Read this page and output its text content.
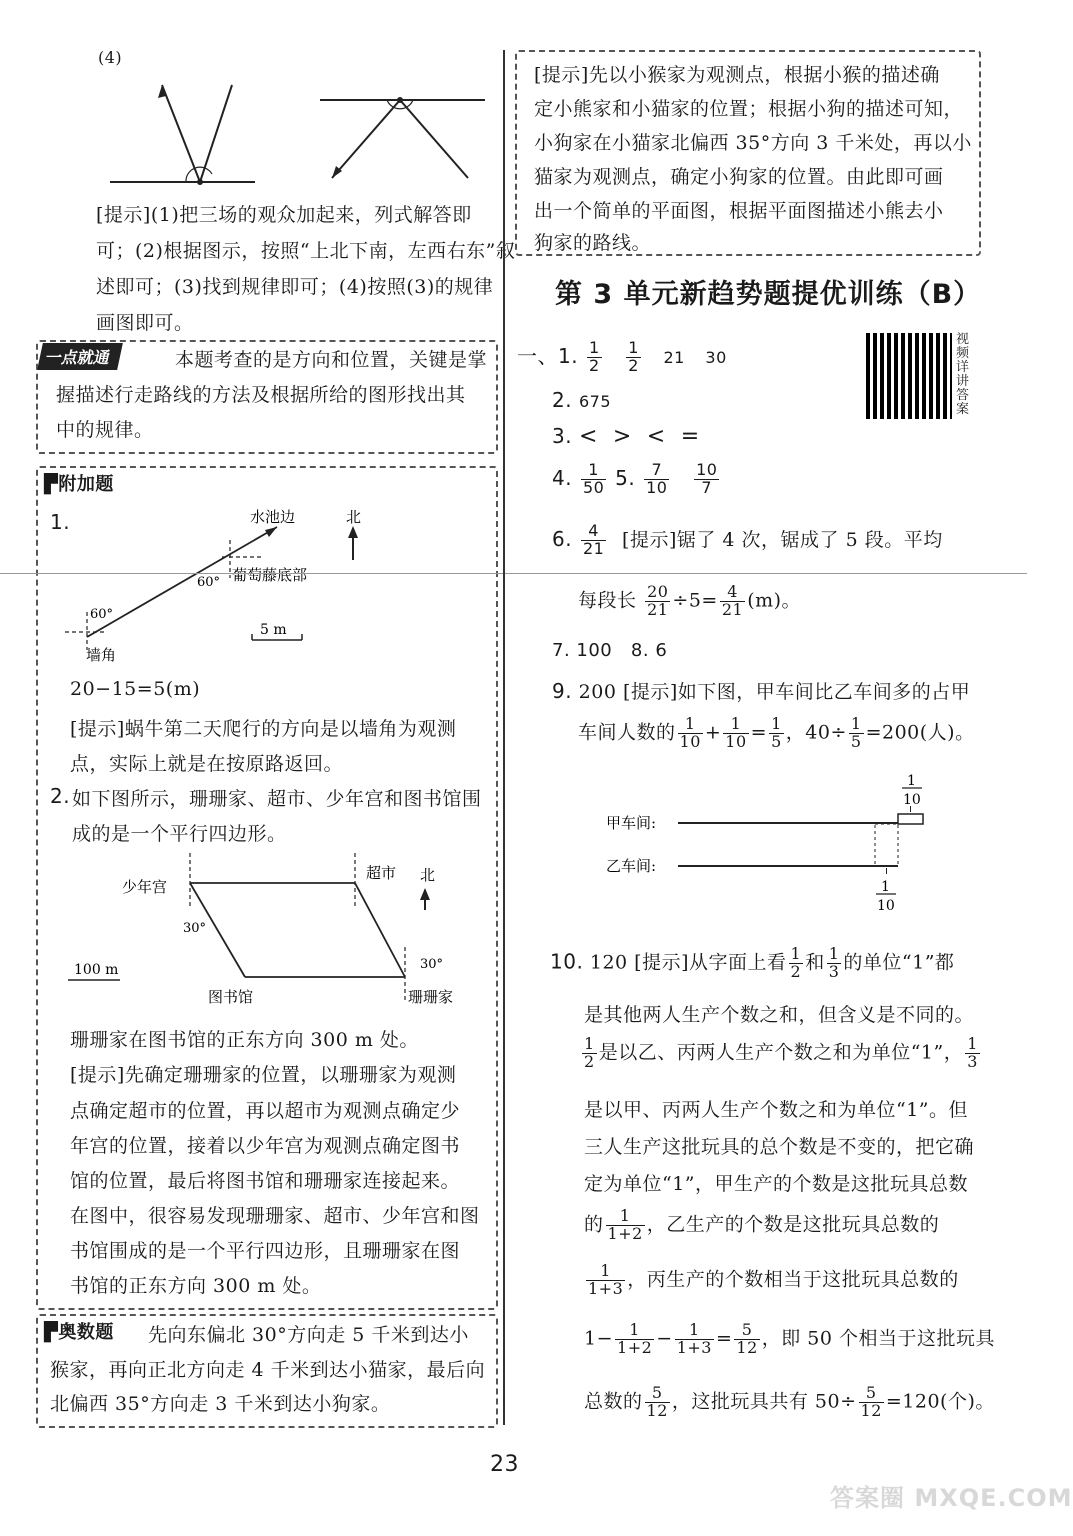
(4)
[提示](1)把三场的观众加起来，列式解答即
可；(2)根据图示，按照“上北下南，左西右东”叙
述即可；(3)找到规律即可；(4)按照(3)的规律
画图即可。
一点就通	本题考查的是方向和位置，关键是掌
握描述行走路线的方法及根据所给的图形找出其
中的规律。
▛附加题
1.	水池边	北
60° 葡萄藤底部
60°
5 m
墙角
20−15=5(m)
[提示]蜗牛第二天爬行的方向是以墙角为观测
点，实际上就是在按原路返回。
2. 如下图所示，珊珊家、超市、少年宫和图书馆围
成的是一个平行四边形。
少年宫
超市 北
30°
30°
100 m
图书馆	珊珊家
珊珊家在图书馆的正东方向 300 m 处。
[提示]先确定珊珊家的位置，以珊珊家为观测
点确定超市的位置，再以超市为观测点确定少
年宫的位置，接着以少年宫为观测点确定图书
馆的位置，最后将图书馆和珊珊家连接起来。
在图中，很容易发现珊珊家、超市、少年宫和图
书馆围成的是一个平行四边形，且珊珊家在图
书馆的正东方向 300 m 处。
▛奥数题 先向东偏北 30°方向走 5 千米到达小
猴家，再向正北方向走 4 千米到达小猫家，最后向
北偏西 35°方向走 3 千米到达小狗家。
[提示]先以小猴家为观测点，根据小猴的描述确
定小熊家和小猫家的位置；根据小狗的描述可知，
小狗家在小猫家北偏西 35°方向 3 千米处，再以小
猫家为观测点，确定小狗家的位置。由此即可画
出一个简单的平面图，根据平面图描述小熊去小
狗家的路线。
第 3 单元新趋势题提优训练（B）
视频详讲答案
一、1. $\frac{1}{2}$
$\frac{1}{2} 21$ 30
2. 675
3. <  >  <  =
4. $\frac{1}{50} 5$. $\frac{7}{10}$
$\frac{10}{7}$
6. $\frac{4}{21}$ [提示]锯了 4 次，锯成了 5 段。平均
每段长 $\frac{20}{21} \div 5= \frac{4}{21} (m)$。
7. 100   8. 6
9. 200 [提示]如下图，甲车间比乙车间多的占甲
车间人数的 $\frac{1}{10} + \frac{1}{10} = \frac{1}{5}$ ，$40\div \frac{1}{5} =200$(人)。
甲车间:
乙车间:
1
10
1
10
10. 120 [提示]从字面上看 $\frac{1}{2}$ 和 $\frac{1}{3}$ 的单位“1”都
是其他两人生产个数之和，但含义是不同的。
$\frac{1}{2}$ 是以乙、丙两人生产个数之和为单位“1”， $\frac{1}{3}$
是以甲、丙两人生产个数之和为单位“1”。但
三人生产这批玩具的总个数是不变的，把它确
定为单位“1”，甲生产的个数是这批玩具总数
的 $\frac{1}{1+2}$ ，乙生产的个数是这批玩具总数的
$\frac{1}{1+3}$ ，丙生产的个数相当于这批玩具总数的
$1- \frac{1}{1+2} - \frac{1}{1+3} = \frac{5}{12}$ ，即 50 个相当于这批玩具
总数的 $\frac{5}{12}$ ，这批玩具共有 $50\div \frac{5}{12} =120$(个)。
23
答案圈 MXQE.COM
